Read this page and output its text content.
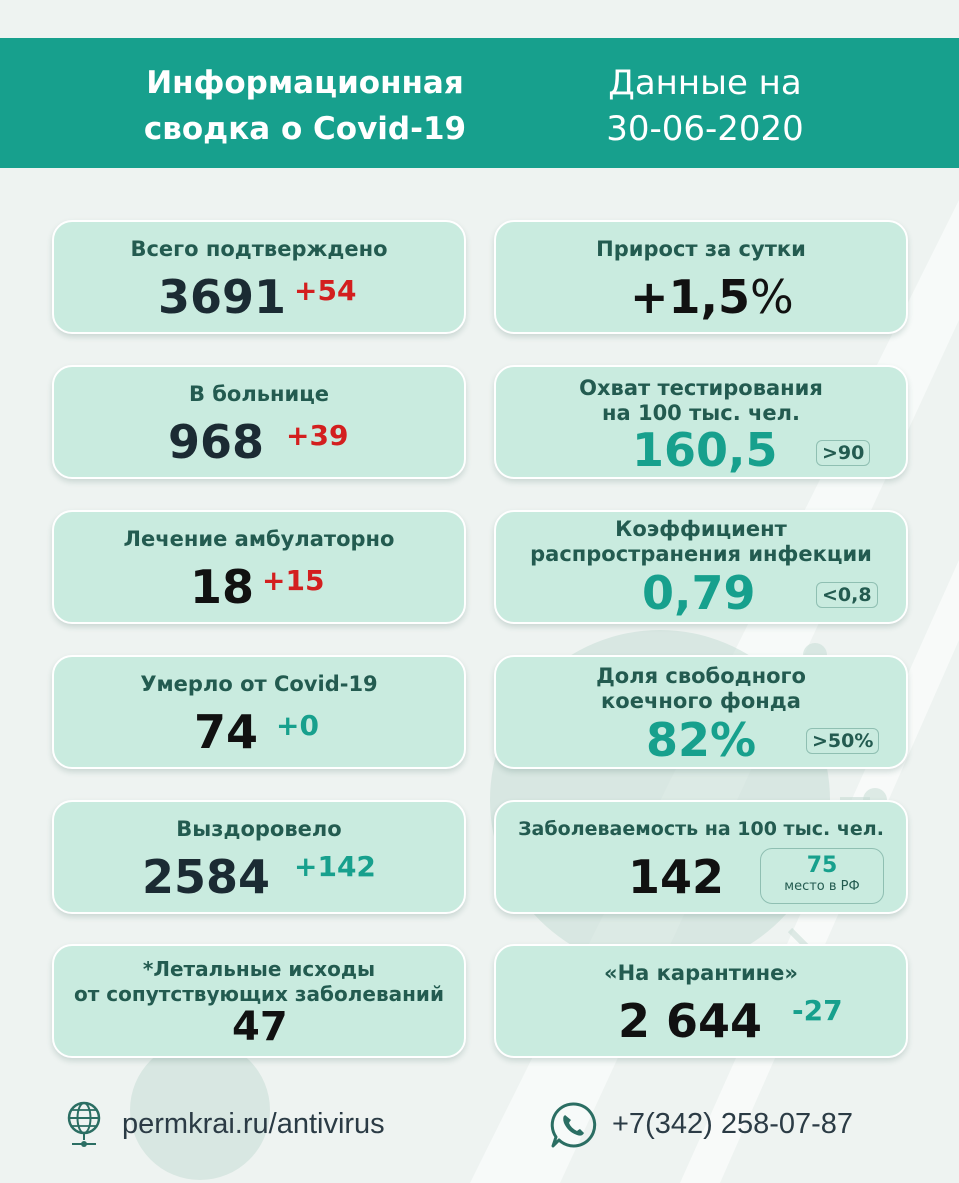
Информационная
сводка о Covid-19
Данные на
30-06-2020
Всего подтверждено
3691 +54
Прирост за сутки
+1,5%
В больнице
968 +39
Охват тестирования
на 100 тыс. чел.
160,5	>90
Лечение амбулаторно
18 +15
Коэффициент
распространения инфекции
0,79	<0,8
Умерло от Covid-19
74 +0
Доля свободного
коечного фонда
82%	>50%
Выздоровело
2584 +142
Заболеваемость на 100 тыс. чел.
142	75
место в РФ
*Летальные исходы
от сопутствующих заболеваний
47
«На карантине»
2 644 -27
permkrai.ru/antivirus	+7(342) 258-07-87
